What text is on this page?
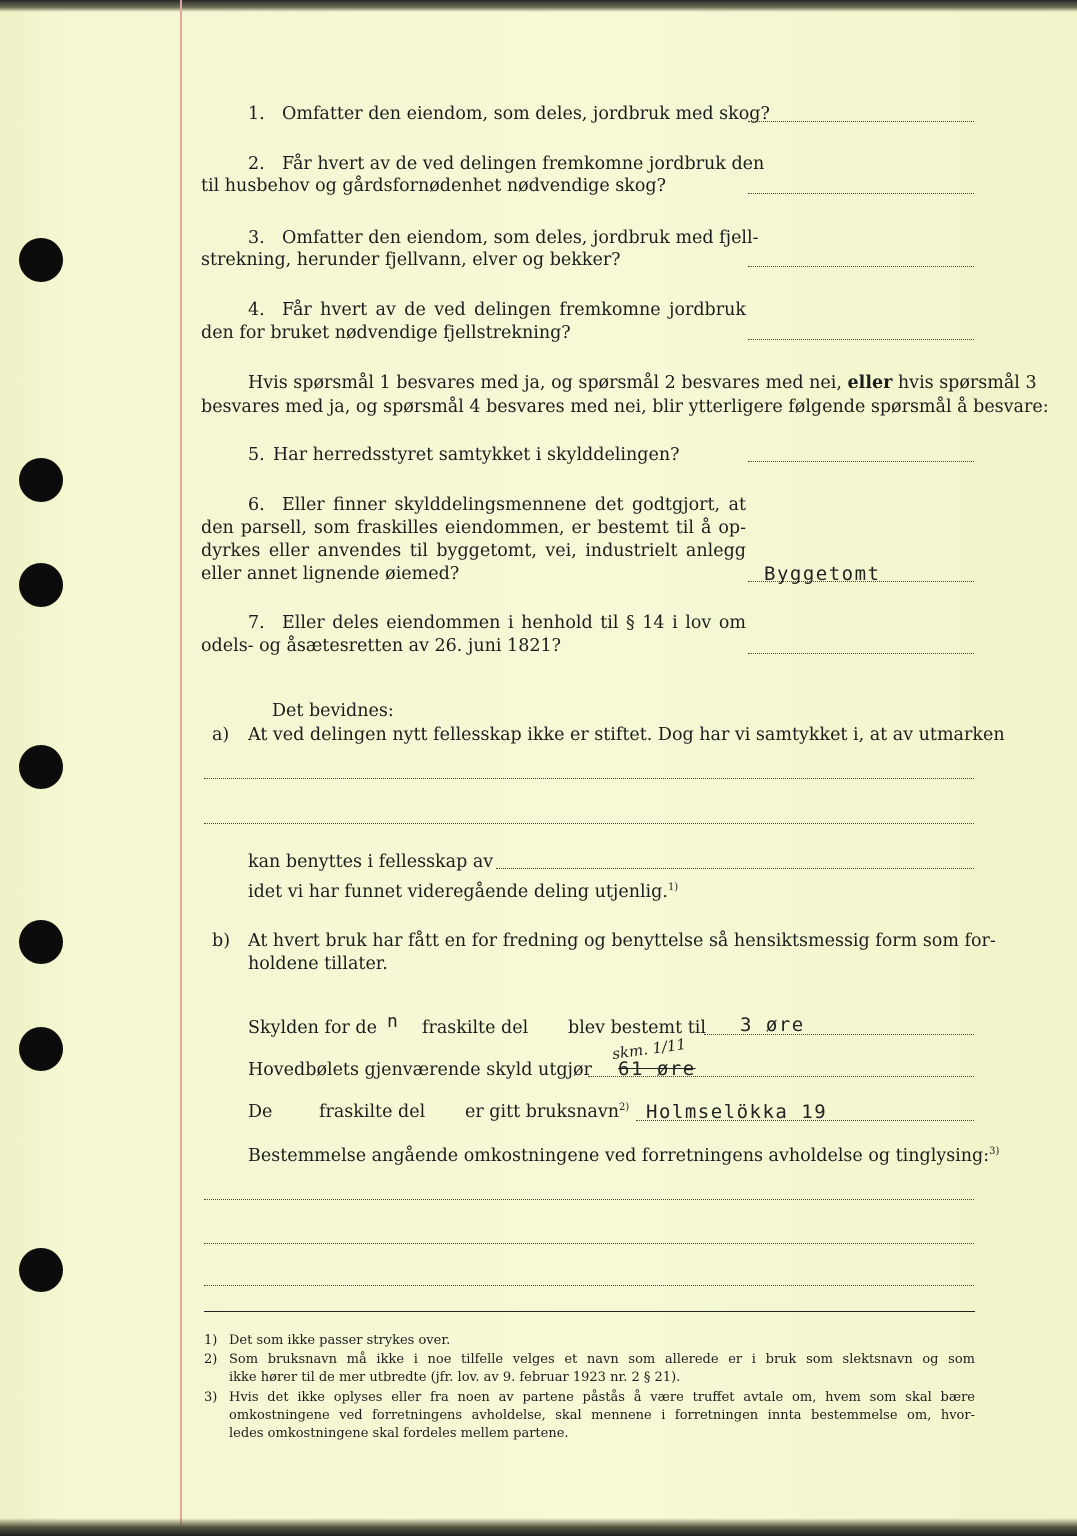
1. Omfatter den eiendom, som deles, jordbruk med skog?
2. Får hvert av de ved delingen fremkomne jordbruk den
til husbehov og gårdsfornødenhet nødvendige skog?
3. Omfatter den eiendom, som deles, jordbruk med fjell-
strekning, herunder fjellvann, elver og bekker?
4. Får hvert av de ved delingen fremkomne jordbruk
den for bruket nødvendige fjellstrekning?
Hvis spørsmål 1 besvares med ja, og spørsmål 2 besvares med nei, eller hvis spørsmål 3
besvares med ja, og spørsmål 4 besvares med nei, blir ytterligere følgende spørsmål å besvare:
5. Har herredsstyret samtykket i skylddelingen?
6. Eller finner skylddelingsmennene det godtgjort, at
den parsell, som fraskilles eiendommen, er bestemt til å op-
dyrkes eller anvendes til byggetomt, vei, industrielt anlegg
eller annet lignende øiemed?	Byggetomt
7. Eller deles eiendommen i henhold til § 14 i lov om
odels- og åsætesretten av 26. juni 1821?
Det bevidnes:
a) At ved delingen nytt fellesskap ikke er stiftet. Dog har vi samtykket i, at av utmarken
kan benyttes i fellesskap av
idet vi har funnet videregående deling utjenlig.$^{1)}$
b) At hvert bruk har fått en for fredning og benyttelse så hensiktsmessig form som for-
holdene tillater.
Skylden for de n fraskilte del blev bestemt til 3 øre
Hovedbølets gjenværende skyld utgjør 61 øre
skm. 1/11
De	fraskilte del er gitt bruksnavn$^{2)}$ Holmselökka 19
Bestemmelse angående omkostningene ved forretningens avholdelse og tinglysing:$^{3)}$
1) Det som ikke passer strykes over.
2) Som bruksnavn må ikke i noe tilfelle velges et navn som allerede er i bruk som slektsnavn og som
ikke hører til de mer utbredte (jfr. lov. av 9. februar 1923 nr. 2 § 21).
3) Hvis det ikke oplyses eller fra noen av partene påstås å være truffet avtale om, hvem som skal bære
omkostningene ved forretningens avholdelse, skal mennene i forretningen innta bestemmelse om, hvor-
ledes omkostningene skal fordeles mellem partene.
